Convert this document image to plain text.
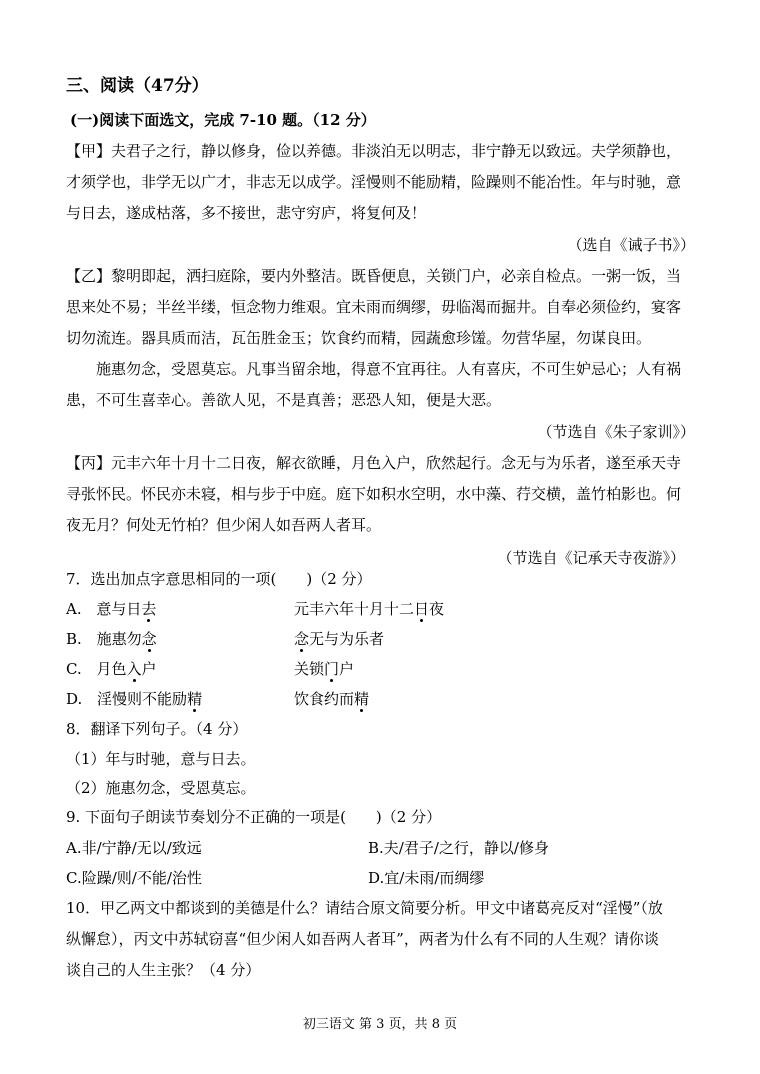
三、阅读（47分）
(一)阅读下面选文，完成 7-10 题。（12 分）
【甲】夫君子之行，静以修身，俭以养德。非淡泊无以明志，非宁静无以致远。夫学须静也，
才须学也，非学无以广才，非志无以成学。淫慢则不能励精，险躁则不能冶性。年与时驰，意
与日去，遂成枯落，多不接世，悲守穷庐，将复何及！
（选自《诫子书》）
【乙】黎明即起，洒扫庭除，要内外整洁。既昏便息，关锁门户，必亲自检点。一粥一饭，当
思来处不易；半丝半缕，恒念物力维艰。宜未雨而绸缪，毋临渴而掘井。自奉必须俭约，宴客
切勿流连。器具质而洁，瓦缶胜金玉；饮食约而精，园蔬愈珍馐。勿营华屋，勿谋良田。
施惠勿念，受恩莫忘。凡事当留余地，得意不宜再往。人有喜庆，不可生妒忌心；人有祸
患，不可生喜幸心。善欲人见，不是真善；恶恐人知，便是大恶。
（节选自《朱子家训》）
【丙】元丰六年十月十二日夜，解衣欲睡，月色入户，欣然起行。念无与为乐者，遂至承天寺
寻张怀民。怀民亦未寝，相与步于中庭。庭下如积水空明，水中藻、荇交横，盖竹柏影也。何
夜无月？何处无竹柏？但少闲人如吾两人者耳。
（节选自《记承天寺夜游》）
7．选出加点字意思相同的一项(　　)（2 分）
A. 意与日去	元丰六年十月十二日夜
B. 施惠勿念	念无与为乐者
C. 月色入户	关锁门户
D. 淫慢则不能励精	饮食约而精
8．翻译下列句子。（4 分）
（1）年与时驰，意与日去。
（2）施惠勿念，受恩莫忘。
9. 下面句子朗读节奏划分不正确的一项是(　　)（2 分）
A.非/宁静/无以/致远	B.夫/君子/之行，静以/修身
C.险躁/则/不能/治性	D.宜/未雨/而绸缪
10．甲乙两文中都谈到的美德是什么？请结合原文简要分析。甲文中诸葛亮反对“淫慢”（放
纵懈怠），丙文中苏轼窃喜“但少闲人如吾两人者耳”，两者为什么有不同的人生观？请你谈
谈自己的人生主张？（4 分）
初三语文 第 3 页，共 8 页
